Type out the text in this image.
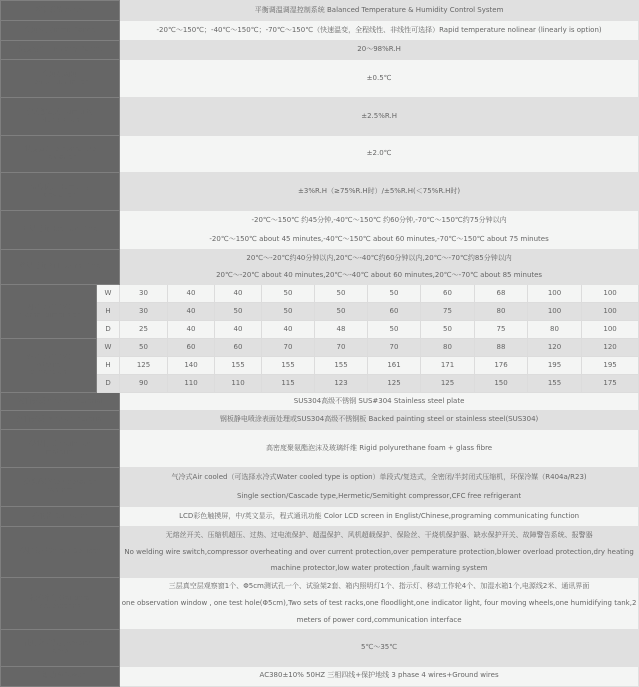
控制系统ystem		平衡调温调湿控制系统 Balanced Temperature & Humidity Control System									
温度范围Temp.Range		-20℃～150℃；-40℃～150℃；-70℃～150℃（快速温变，全程线性、非线性可选择）Rapid temperature nolinear (linearly is option)									
湿度范围Humidity Range		20～98%R.H									
温度波动度
Temp.fluctuation		±0.5℃									
湿度波动度Humidity
Fluctuation		±2.5%R.H									
温度偏差Temperature
Deviation		±2.0℃									
湿度偏差Humidity
deviation		±3%R.H（≥75%R.H时）/±5%R.H(＜75%R.H时)									
升温时间Heat Up Time		-20℃～150℃ 约45分钟,-40℃～150℃ 约60分钟,-70℃～150℃约75分钟以内
-20℃～150℃ about 45 minutes,-40℃～150℃ about 60 minutes,-70℃～150℃ about 75 minutes									

降温时间Pull Down Time		20℃～-20℃约40分钟以内,20℃～-40℃约60分钟以内,20℃～-70℃约85分钟以内
20℃～-20℃ about 40 minutes,20℃～-40℃ about 60 minutes,20℃～-70℃ about 85 minutes									

内箱尺寸(CM)
Internal dimension	W	30	40	40	50	50	50	60	68	100	100
	H	30	40	50	50	50	60	75	80	100	100
	D	25	40	40	40	48	50	50	75	80	100
外箱尺寸(CM)
External
dimension	W	50	60	60	70	70	70	80	88	120	120
	H	125	140	155	155	155	161	171	176	195	195
	D	90	110	110	115	123	125	125	150	155	175
内箱材质Interior material		SUS304高级不锈钢 SUS#304 Stainless steel plate									
外箱材质Exterior material		钢板静电喷涂表面处理或SUS304高级不锈钢板 Backed painting steel or stainless steel(SUS304)									
保温材质Insulation
material		高密度聚氨酯泡沫及玻璃纤维 Rigid polyurethane foam + glass fibre									
冷冻系统Refrigeration
system		气冷式Air cooled（可选择水冷式Water cooled type is option）单段式/复迭式，全密闭/半封闭式压缩机，环保冷媒（R404a/R23)
Single section/Cascade type,Hermetic/Semitight compressor,CFC free refrigerant									

控制器Controller		LCD彩色触摸屏，中/英文显示，程式通讯功能 Color LCD screen in Englist/Chinese,programing communicating function									
保护装置Safety Devices		无熔丝开关、压缩机超压、过热、过电流保护、超温保护、风机超载保护、保险丝、干烧机保护器、缺水保护开关、故障警告系统、报警器
No welding wire switch,compressor overheating and over current protection,over pemperature protection,blower overload protection,dry heating
machine protector,low water protection ,fault warning system									

标准配件Standard
Accessories		三层真空层观察窗1个、Φ5cm测试孔一个、试验架2套、箱内照明灯1个、指示灯、移动工作轮4个、加湿水箱1个,电源线2米、通讯界面
one observation window , one test hole(Φ5cm),Two sets of test racks,one floodlight,one indicator light, four moving wheels,one humidifying tank,2
meters of power cord,communication interface									

使用环境温度Ambient
Temp.		5℃～35℃									
电源功率Power		AC380±10% 50HZ 三相四线+保护地线 3 phase 4 wires+Ground wires									
